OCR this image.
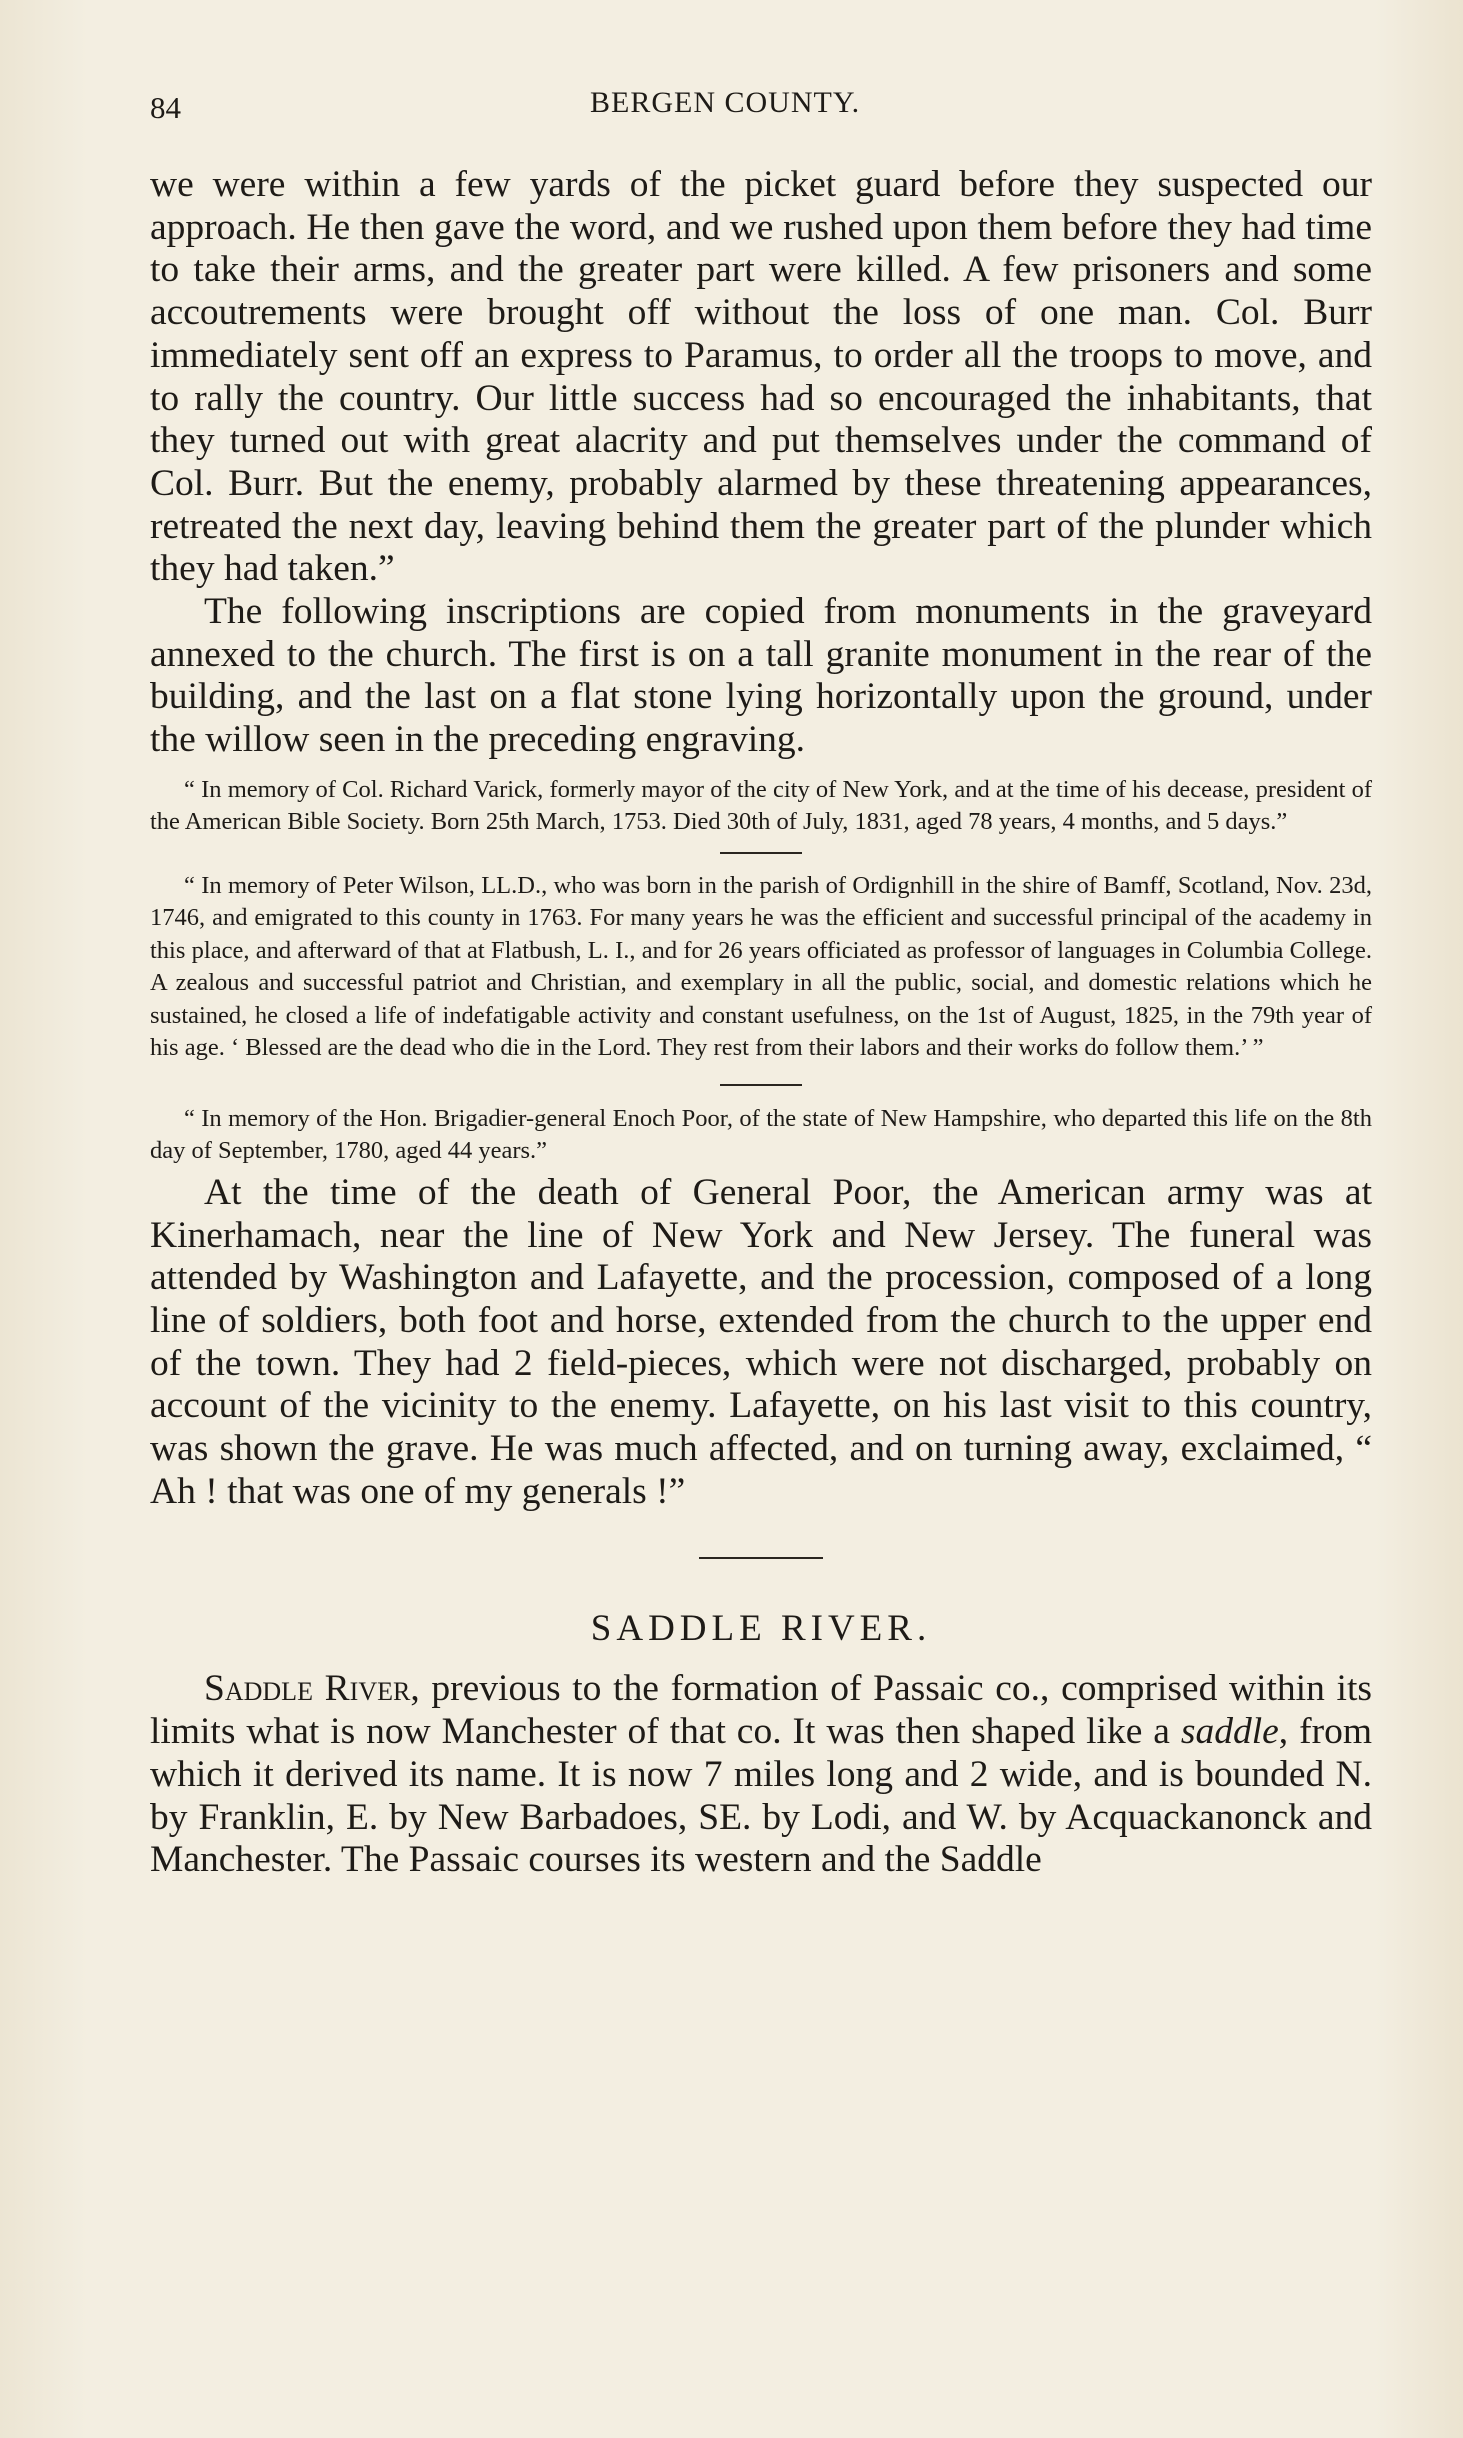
84	BERGEN COUNTY.

we were within a few yards of the picket guard before they suspected our approach. He then gave the word, and we rushed upon them before they had time to take their arms, and the greater part were killed. A few prisoners and some accoutrements were brought off without the loss of one man. Col. Burr immediately sent off an express to Paramus, to order all the troops to move, and to rally the country. Our little success had so encouraged the inhabitants, that they turned out with great alacrity and put themselves under the command of Col. Burr. But the enemy, probably alarmed by these threatening appearances, retreated the next day, leaving behind them the greater part of the plunder which they had taken.”

The following inscriptions are copied from monuments in the graveyard annexed to the church. The first is on a tall granite monument in the rear of the building, and the last on a flat stone lying horizontally upon the ground, under the willow seen in the preceding engraving.

“ In memory of Col. Richard Varick, formerly mayor of the city of New York, and at the time of his decease, president of the American Bible Society. Born 25th March, 1753. Died 30th of July, 1831, aged 78 years, 4 months, and 5 days.”

“ In memory of Peter Wilson, LL.D., who was born in the parish of Ordignhill in the shire of Bamff, Scotland, Nov. 23d, 1746, and emigrated to this county in 1763. For many years he was the efficient and successful principal of the academy in this place, and afterward of that at Flatbush, L. I., and for 26 years officiated as professor of languages in Columbia College. A zealous and successful patriot and Christian, and exemplary in all the public, social, and domestic relations which he sustained, he closed a life of indefatigable activity and constant usefulness, on the 1st of August, 1825, in the 79th year of his age. ‘ Blessed are the dead who die in the Lord. They rest from their labors and their works do follow them.’ ”

“ In memory of the Hon. Brigadier-general Enoch Poor, of the state of New Hampshire, who departed this life on the 8th day of September, 1780, aged 44 years.”

At the time of the death of General Poor, the American army was at Kinerhamach, near the line of New York and New Jersey. The funeral was attended by Washington and Lafayette, and the procession, composed of a long line of soldiers, both foot and horse, extended from the church to the upper end of the town. They had 2 field-pieces, which were not discharged, probably on account of the vicinity to the enemy. Lafayette, on his last visit to this country, was shown the grave. He was much affected, and on turning away, exclaimed, “ Ah ! that was one of my generals !”

SADDLE RIVER.

Saddle River, previous to the formation of Passaic co., comprised within its limits what is now Manchester of that co. It was then shaped like a saddle, from which it derived its name. It is now 7 miles long and 2 wide, and is bounded N. by Franklin, E. by New Barbadoes, SE. by Lodi, and W. by Acquackanonck and Manchester. The Passaic courses its western and the Saddle
